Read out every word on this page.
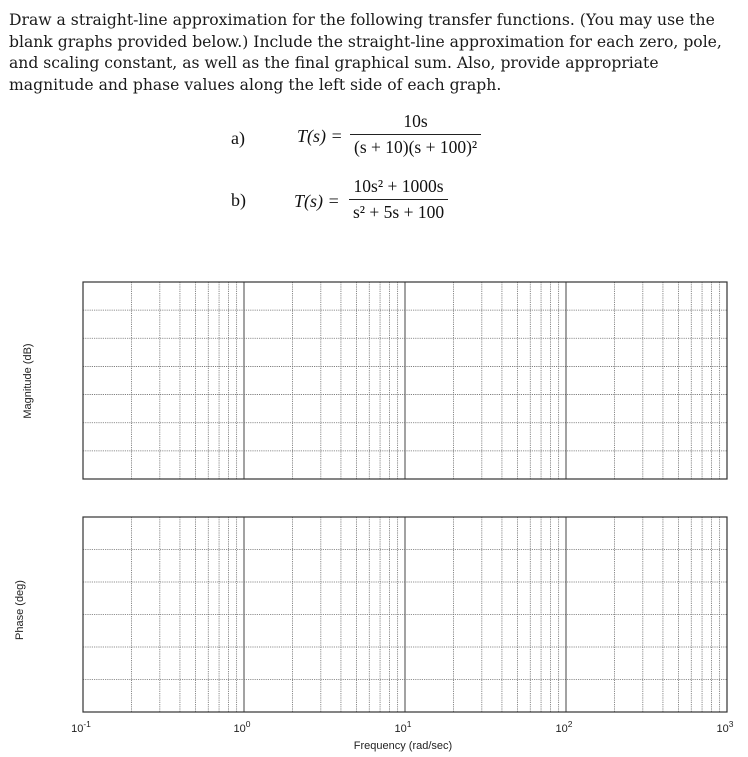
Draw a straight-line approximation for the following transfer functions. (You may use the blank graphs provided below.) Include the straight-line approximation for each zero, pole, and scaling constant, as well as the final graphical sum. Also, provide appropriate magnitude and phase values along the left side of each graph.
a)	T(s) =
10s
(s + 10)(s + 100)²
b)	T(s) =
10s² + 1000s
s² + 5s + 100
Magnitude (dB)
Phase (deg)
$10^{-1}$	$10^0$	$10^1$	$10^2$	$10^3$
Frequency (rad/sec)
